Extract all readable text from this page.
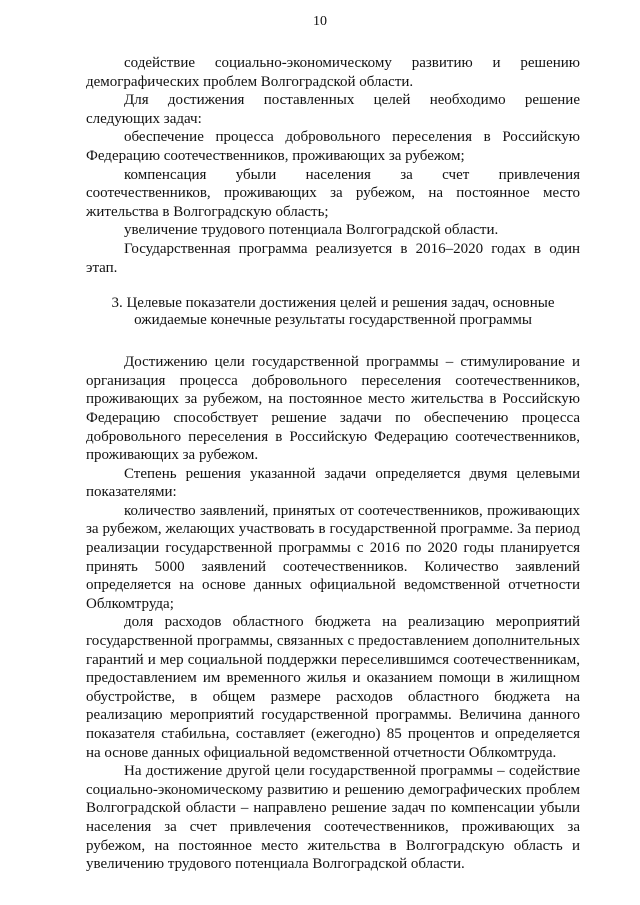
10

содействие социально-экономическому развитию и решению демографических проблем Волгоградской области.

Для достижения поставленных целей необходимо решение следующих задач:

обеспечение процесса добровольного переселения в Российскую Федерацию соотечественников, проживающих за рубежом;

компенсация убыли населения за счет привлечения соотечественников, проживающих за рубежом, на постоянное место жительства в Волгоградскую область;

увеличение трудового потенциала Волгоградской области.

Государственная программа реализуется в 2016–2020 годах в один этап.

3. Целевые показатели достижения целей и решения задач, основные
ожидаемые конечные результаты государственной программы

Достижению цели государственной программы – стимулирование и организация процесса добровольного переселения соотечественников, проживающих за рубежом, на постоянное место жительства в Российскую Федерацию способствует решение задачи по обеспечению процесса добровольного переселения в Российскую Федерацию соотечественников, проживающих за рубежом.

Степень решения указанной задачи определяется двумя целевыми показателями:

количество заявлений, принятых от соотечественников, проживающих за рубежом, желающих участвовать в государственной программе. За период реализации государственной программы с 2016 по 2020 годы планируется принять 5000 заявлений соотечественников. Количество заявлений определяется на основе данных официальной ведомственной отчетности Облкомтруда;

доля расходов областного бюджета на реализацию мероприятий государственной программы, связанных с предоставлением дополнительных гарантий и мер социальной поддержки переселившимся соотечественникам, предоставлением им временного жилья и оказанием помощи в жилищном обустройстве, в общем размере расходов областного бюджета на реализацию мероприятий государственной программы. Величина данного показателя стабильна, составляет (ежегодно) 85 процентов и определяется на основе данных официальной ведомственной отчетности Облкомтруда.

На достижение другой цели государственной программы – содействие социально-экономическому развитию и решению демографических проблем Волгоградской области – направлено решение задач по компенсации убыли населения за счет привлечения соотечественников, проживающих за рубежом, на постоянное место жительства в Волгоградскую область и увеличению трудового потенциала Волгоградской области.
